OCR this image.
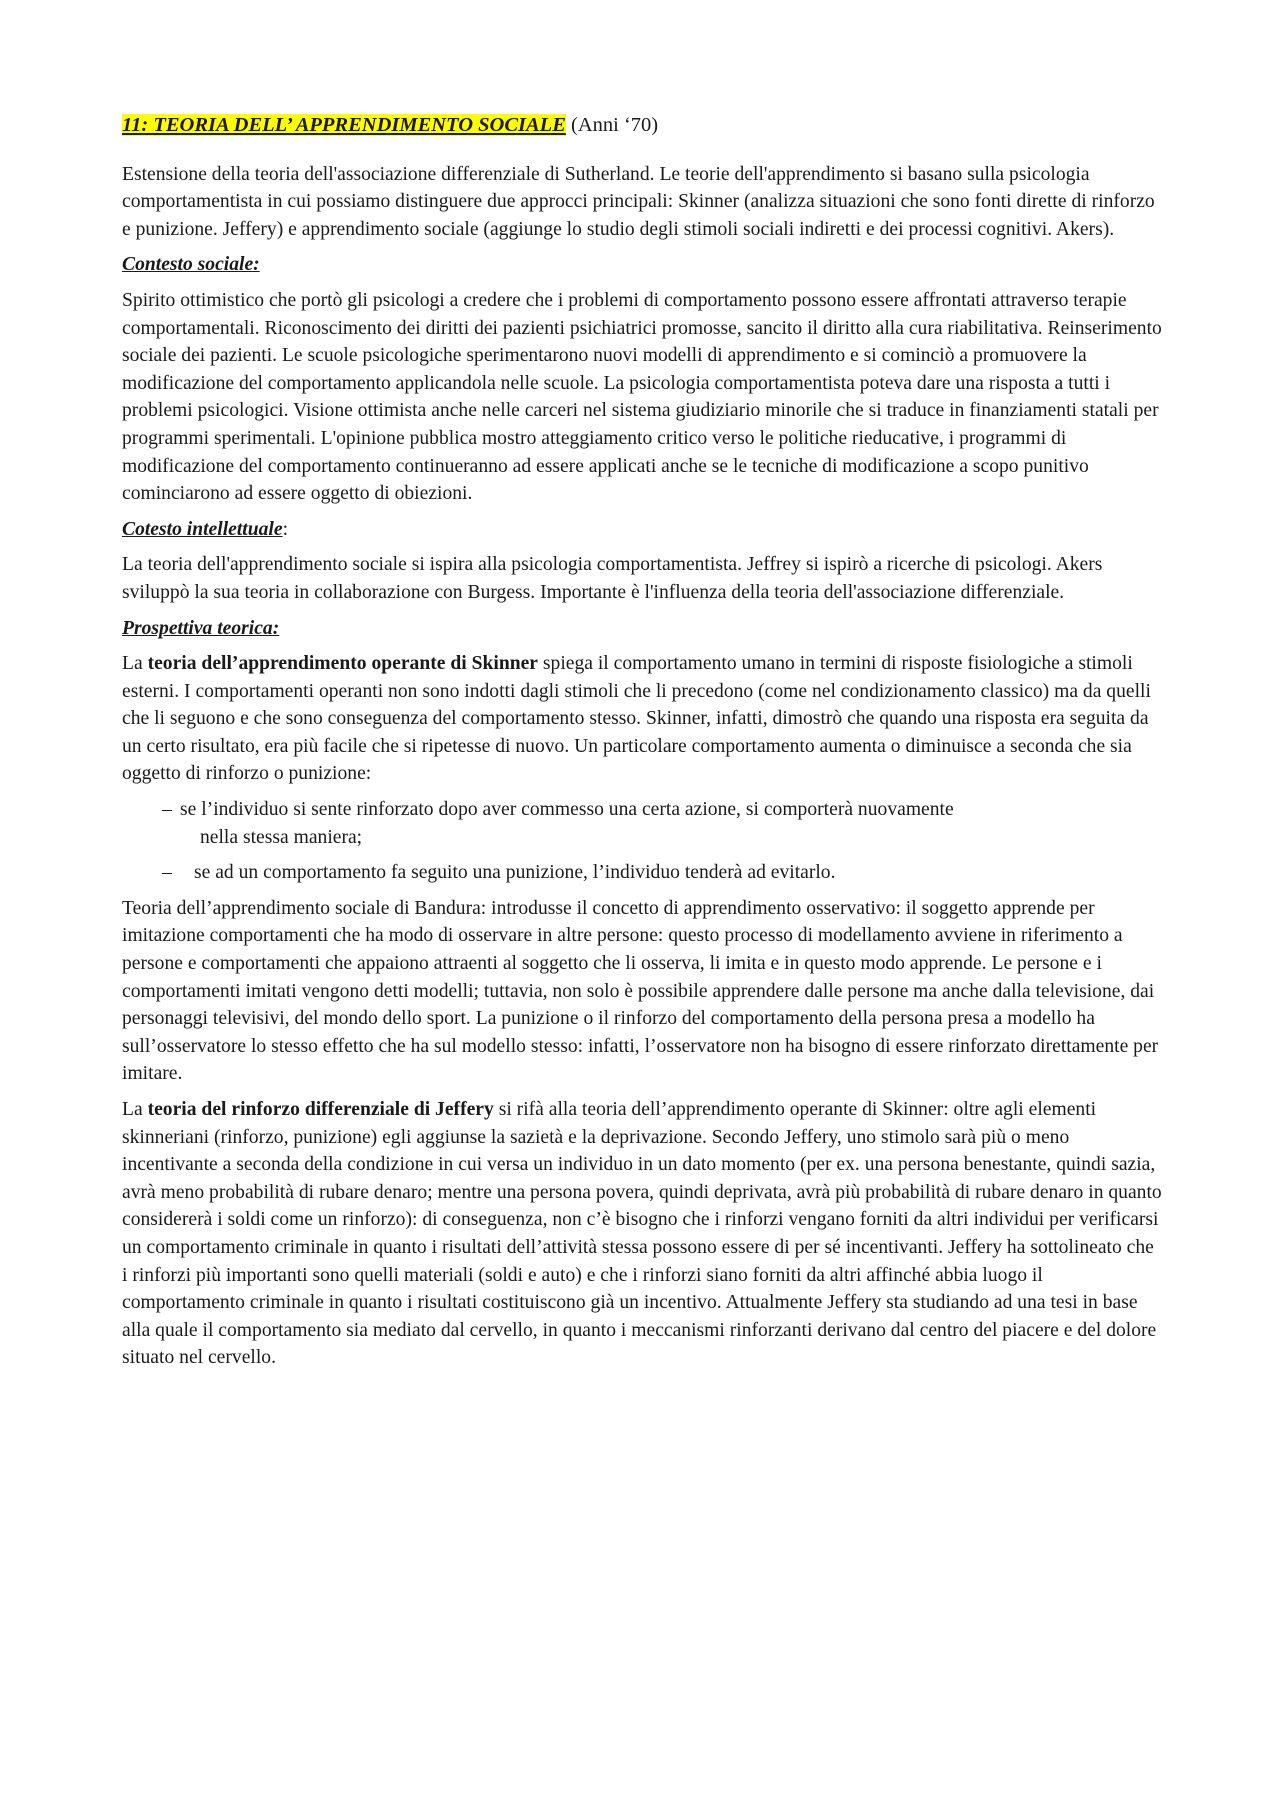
11: TEORIA DELL’ APPRENDIMENTO SOCIALE (Anni ‘70)

Estensione della teoria dell'associazione differenziale di Sutherland. Le teorie dell'apprendimento si basano sulla psicologia comportamentista in cui possiamo distinguere due approcci principali: Skinner (analizza situazioni che sono fonti dirette di rinforzo e punizione. Jeffery) e apprendimento sociale (aggiunge lo studio degli stimoli sociali indiretti e dei processi cognitivi. Akers).

Contesto sociale:

Spirito ottimistico che portò gli psicologi a credere che i problemi di comportamento possono essere affrontati attraverso terapie comportamentali. Riconoscimento dei diritti dei pazienti psichiatrici promosse, sancito il diritto alla cura riabilitativa. Reinserimento sociale dei pazienti. Le scuole psicologiche sperimentarono nuovi modelli di apprendimento e si cominciò a promuovere la modificazione del comportamento applicandola nelle scuole. La psicologia comportamentista poteva dare una risposta a tutti i problemi psicologici. Visione ottimista anche nelle carceri nel sistema giudiziario minorile che si traduce in finanziamenti statali per programmi sperimentali. L'opinione pubblica mostro atteggiamento critico verso le politiche rieducative, i programmi di modificazione del comportamento continueranno ad essere applicati anche se le tecniche di modificazione a scopo punitivo cominciarono ad essere oggetto di obiezioni.

Cotesto intellettuale:

La teoria dell'apprendimento sociale si ispira alla psicologia comportamentista. Jeffrey si ispirò a ricerche di psicologi. Akers sviluppò la sua teoria in collaborazione con Burgess. Importante è l'influenza della teoria dell'associazione differenziale.

Prospettiva teorica:

La teoria dell’apprendimento operante di Skinner spiega il comportamento umano in termini di risposte fisiologiche a stimoli esterni. I comportamenti operanti non sono indotti dagli stimoli che li precedono (come nel condizionamento classico) ma da quelli che li seguono e che sono conseguenza del comportamento stesso. Skinner, infatti, dimostrò che quando una risposta era seguita da un certo risultato, era più facile che si ripetesse di nuovo. Un particolare comportamento aumenta o diminuisce a seconda che sia oggetto di rinforzo o punizione:

– se l’individuo si sente rinforzato dopo aver commesso una certa azione, si comporterà nuovamente
nella stessa maniera;
–	se ad un comportamento fa seguito una punizione, l’individuo tenderà ad evitarlo.

Teoria dell’apprendimento sociale di Bandura: introdusse il concetto di apprendimento osservativo: il soggetto apprende per imitazione comportamenti che ha modo di osservare in altre persone: questo processo di modellamento avviene in riferimento a persone e comportamenti che appaiono attraenti al soggetto che li osserva, li imita e in questo modo apprende. Le persone e i comportamenti imitati vengono detti modelli; tuttavia, non solo è possibile apprendere dalle persone ma anche dalla televisione, dai personaggi televisivi, del mondo dello sport. La punizione o il rinforzo del comportamento della persona presa a modello ha sull’osservatore lo stesso effetto che ha sul modello stesso: infatti, l’osservatore non ha bisogno di essere rinforzato direttamente per imitare.

La teoria del rinforzo differenziale di Jeffery si rifà alla teoria dell’apprendimento operante di Skinner: oltre agli elementi skinneriani (rinforzo, punizione) egli aggiunse la sazietà e la deprivazione. Secondo Jeffery, uno stimolo sarà più o meno incentivante a seconda della condizione in cui versa un individuo in un dato momento (per ex. una persona benestante, quindi sazia, avrà meno probabilità di rubare denaro; mentre una persona povera, quindi deprivata, avrà più probabilità di rubare denaro in quanto considererà i soldi come un rinforzo): di conseguenza, non c’è bisogno che i rinforzi vengano forniti da altri individui per verificarsi un comportamento criminale in quanto i risultati dell’attività stessa possono essere di per sé incentivanti. Jeffery ha sottolineato che i rinforzi più importanti sono quelli materiali (soldi e auto) e che i rinforzi siano forniti da altri affinché abbia luogo il comportamento criminale in quanto i risultati costituiscono già un incentivo. Attualmente Jeffery sta studiando ad una tesi in base alla quale il comportamento sia mediato dal cervello, in quanto i meccanismi rinforzanti derivano dal centro del piacere e del dolore situato nel cervello.
